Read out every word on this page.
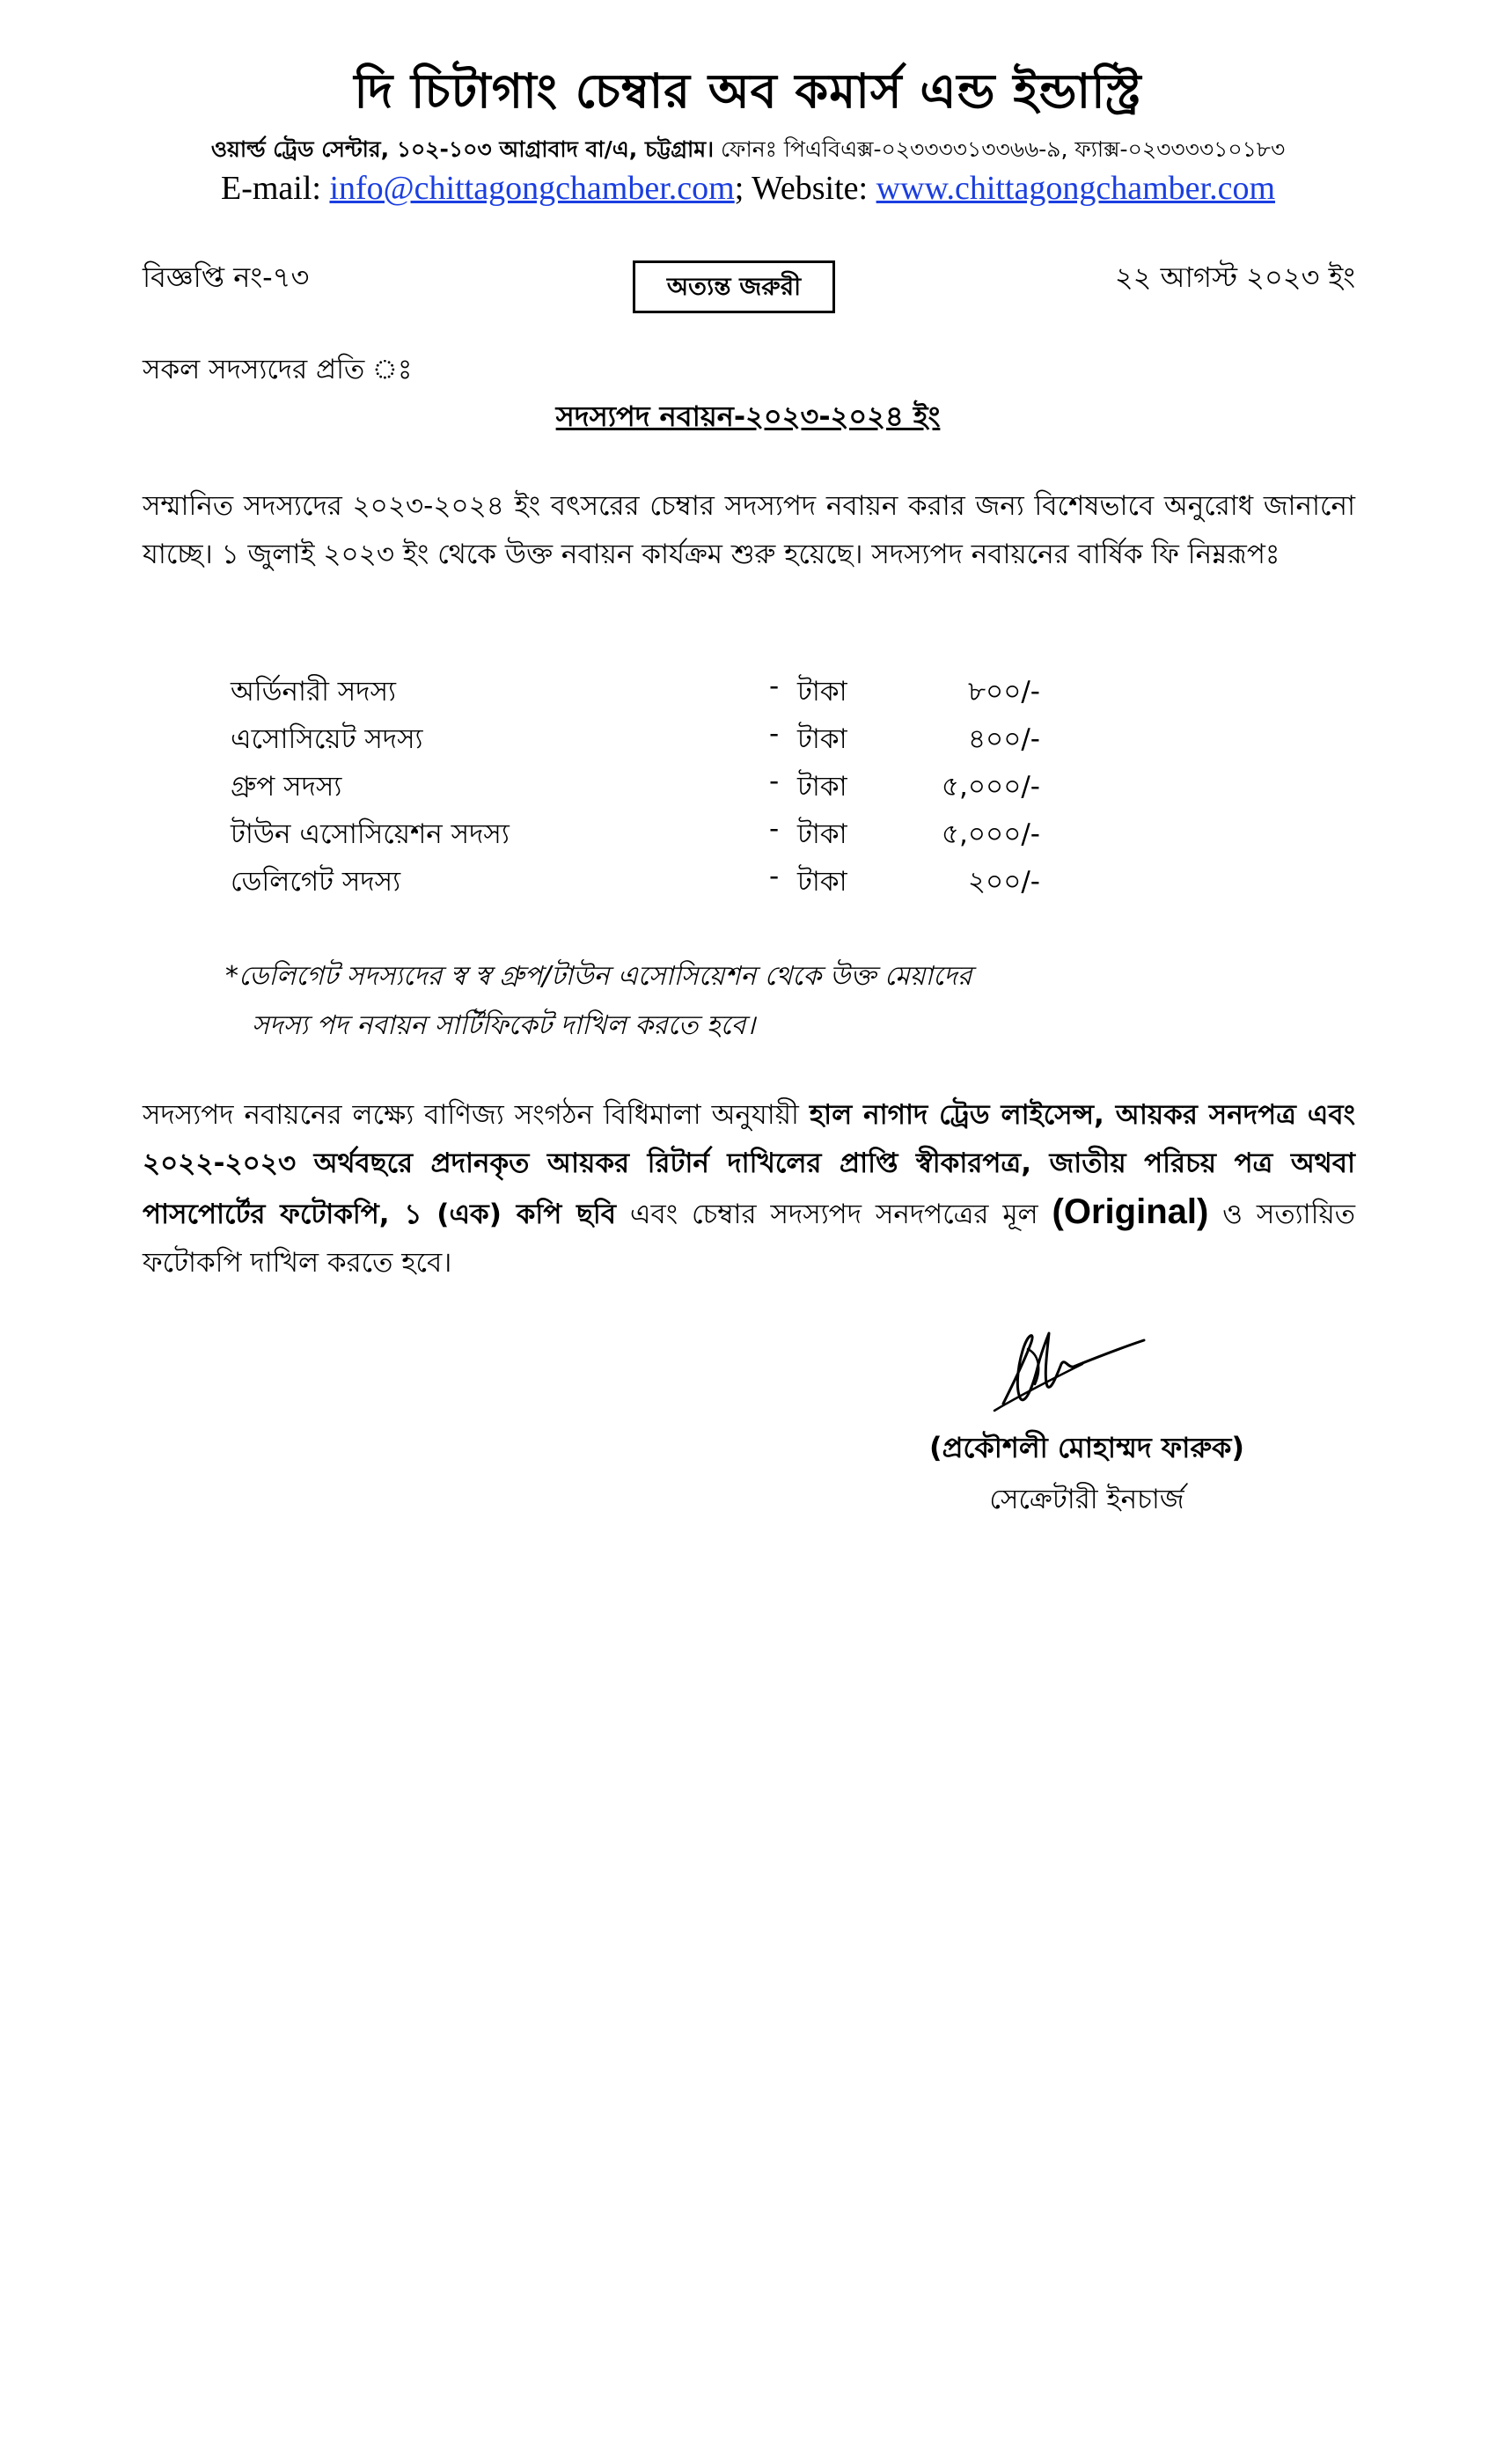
দি চিটাগাং চেম্বার অব কমার্স এন্ড ইন্ডাস্ট্রি
ওয়ার্ল্ড ট্রেড সেন্টার, ১০২-১০৩ আগ্রাবাদ বা/এ, চট্টগ্রাম। ফোনঃ পিএবিএক্স-০২৩৩৩৩১৩৩৬৬-৯, ফ্যাক্স-০২৩৩৩৩১০১৮৩
E-mail: info@chittagongchamber.com; Website: www.chittagongchamber.com
বিজ্ঞপ্তি নং-৭৩	অত্যন্ত জরুরী	২২ আগস্ট ২০২৩ ইং
সকল সদস্যদের প্রতি ঃ
সদস্যপদ নবায়ন-২০২৩-২০২৪ ইং
সম্মানিত সদস্যদের ২০২৩-২০২৪ ইং বৎসরের চেম্বার সদস্যপদ নবায়ন করার জন্য বিশেষভাবে অনুরোধ জানানো যাচ্ছে। ১ জুলাই ২০২৩ ইং থেকে উক্ত নবায়ন কার্যক্রম শুরু হয়েছে। সদস্যপদ নবায়নের বার্ষিক ফি নিম্নরূপঃ
অর্ডিনারী সদস্য	- টাকা	৮০০/-
এসোসিয়েট সদস্য	- টাকা	৪০০/-
গ্রুপ সদস্য	- টাকা	৫,০০০/-
টাউন এসোসিয়েশন সদস্য	- টাকা	৫,০০০/-
ডেলিগেট সদস্য	- টাকা	২০০/-
*ডেলিগেট সদস্যদের স্ব স্ব গ্রুপ/টাউন এসোসিয়েশন থেকে উক্ত মেয়াদের
সদস্য পদ নবায়ন সার্টিফিকেট দাখিল করতে হবে।
সদস্যপদ নবায়নের লক্ষ্যে বাণিজ্য সংগঠন বিধিমালা অনুযায়ী হাল নাগাদ ট্রেড লাইসেন্স, আয়কর সনদপত্র এবং ২০২২-২০২৩ অর্থবছরে প্রদানকৃত আয়কর রিটার্ন দাখিলের প্রাপ্তি স্বীকারপত্র, জাতীয় পরিচয় পত্র অথবা পাসপোর্টের ফটোকপি, ১ (এক) কপি ছবি এবং চেম্বার সদস্যপদ সনদপত্রের মূল (Original) ও সত্যায়িত ফটোকপি দাখিল করতে হবে।
(প্রকৌশলী মোহাম্মদ ফারুক)
সেক্রেটারী ইনচার্জ
